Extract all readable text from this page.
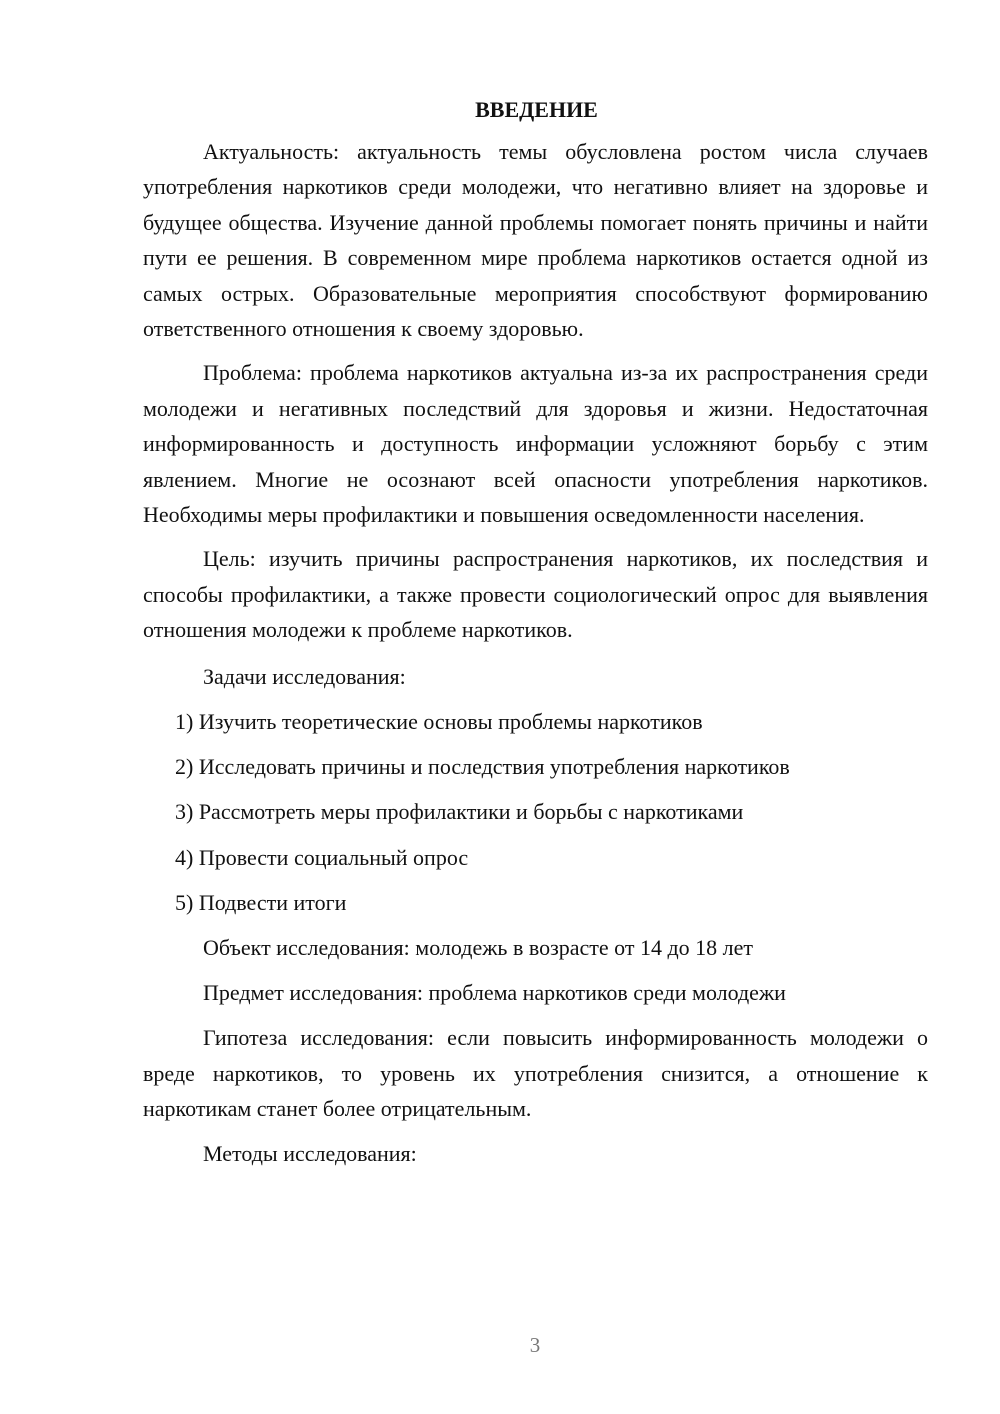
ВВЕДЕНИЕ

Актуальность: актуальность темы обусловлена ростом числа случаев употребления наркотиков среди молодежи, что негативно влияет на здоровье и будущее общества. Изучение данной проблемы помогает понять причины и найти пути ее решения. В современном мире проблема наркотиков остается одной из самых острых. Образовательные мероприятия способствуют формированию ответственного отношения к своему здоровью.

Проблема: проблема наркотиков актуальна из-за их распространения среди молодежи и негативных последствий для здоровья и жизни. Недостаточная информированность и доступность информации усложняют борьбу с этим явлением. Многие не осознают всей опасности употребления наркотиков. Необходимы меры профилактики и повышения осведомленности населения.

Цель: изучить причины распространения наркотиков, их последствия и способы профилактики, а также провести социологический опрос для выявления отношения молодежи к проблеме наркотиков.

Задачи исследования:

1) Изучить теоретические основы проблемы наркотиков
2) Исследовать причины и последствия употребления наркотиков
3) Рассмотреть меры профилактики и борьбы с наркотиками
4) Провести социальный опрос
5) Подвести итоги

Объект исследования: молодежь в возрасте от 14 до 18 лет

Предмет исследования: проблема наркотиков среди молодежи

Гипотеза исследования: если повысить информированность молодежи о вреде наркотиков, то уровень их употребления снизится, а отношение к наркотикам станет более отрицательным.

Методы исследования:

3
